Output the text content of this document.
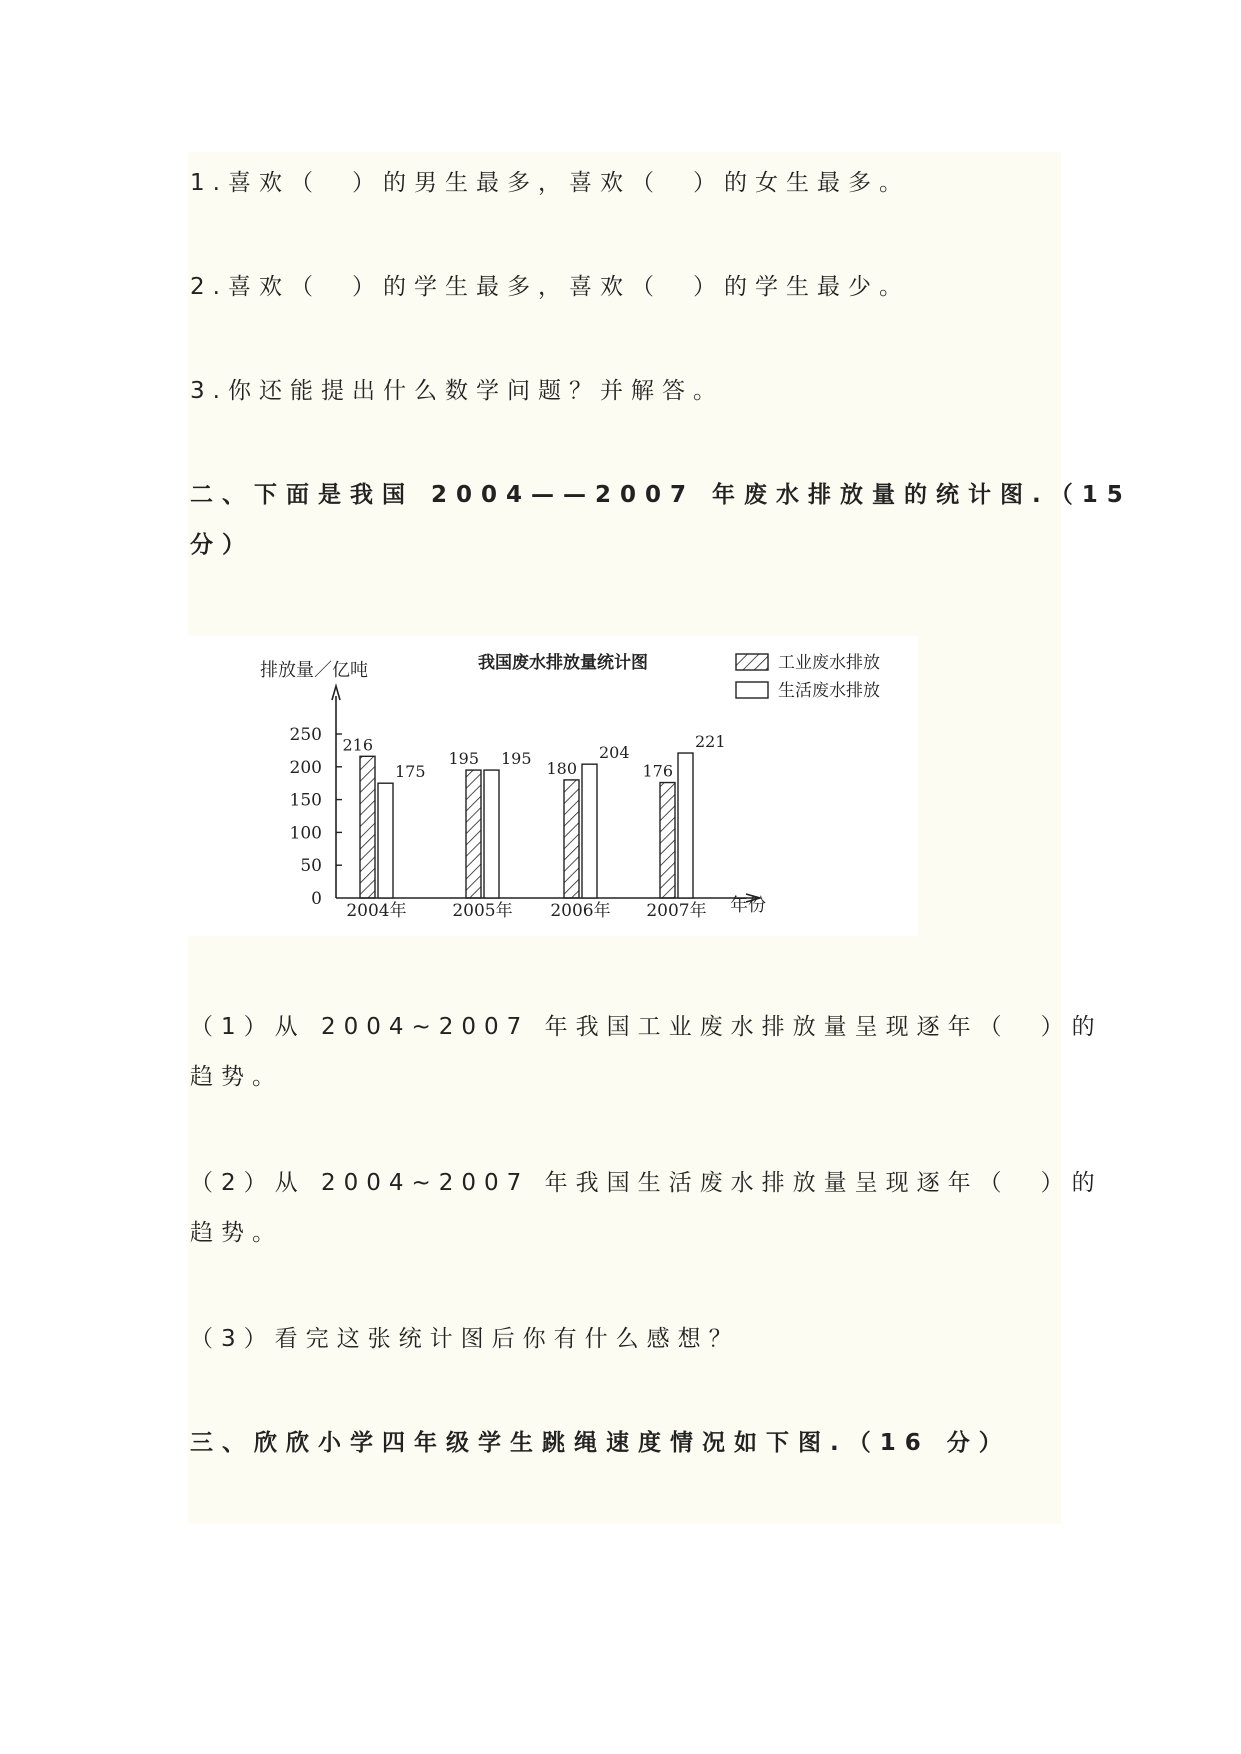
1.喜欢（　）的男生最多，喜欢（　）的女生最多。
2.喜欢（　）的学生最多，喜欢（　）的学生最少。
3.你还能提出什么数学问题？并解答。
二、下面是我国 2004——2007 年废水排放量的统计图.（15
分）
我国废水排放量统计图
排放量／亿吨
年份
工业废水排放
生活废水排放
0
50
100
150
200
250 216
175
2004年
195 195
2005年
180
204
2006年
176
221
2007年
（1）从 2004~2007 年我国工业废水排放量呈现逐年（　）的
趋势。
（2）从 2004~2007 年我国生活废水排放量呈现逐年（　）的
趋势。
（3）看完这张统计图后你有什么感想？
三、欣欣小学四年级学生跳绳速度情况如下图.（16 分）
